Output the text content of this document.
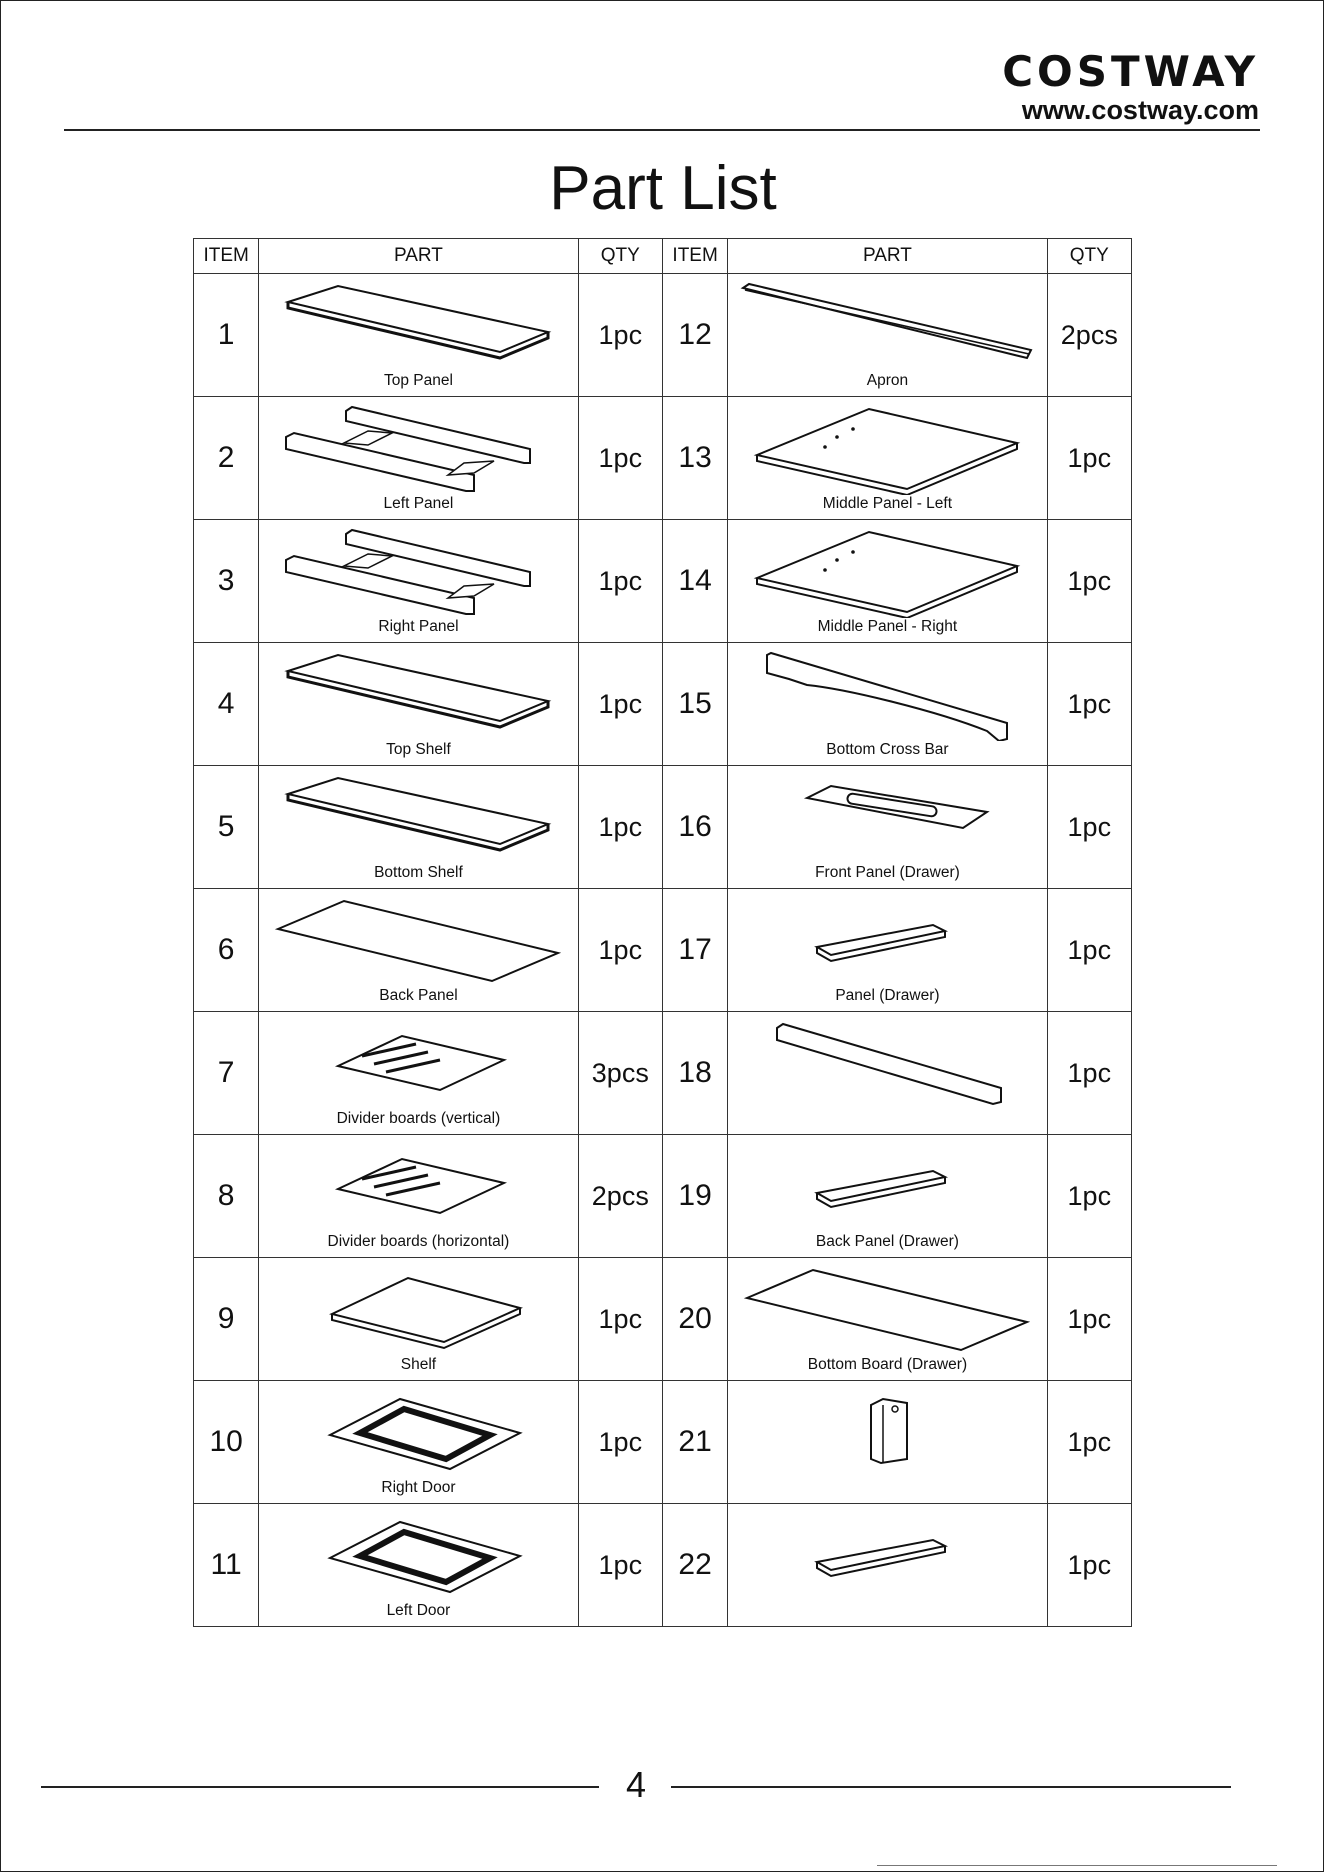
COSTWAY
www.costway.com
Part List
ITEM	PART	QTY	ITEM	PART	QTY
1	Top Panel	1pc	12	Apron	2pcs
2	Left Panel	1pc	13	Middle Panel - Left	1pc
3	Right Panel	1pc	14	Middle Panel - Right	1pc
4	Top Shelf	1pc	15	Bottom Cross Bar	1pc
5	Bottom Shelf	1pc	16	Front Panel (Drawer)	1pc
6	Back Panel	1pc	17	Panel (Drawer)	1pc
7	Divider boards (vertical)	3pcs	18		1pc
8	Divider boards (horizontal)	2pcs	19	Back Panel (Drawer)	1pc
9	Shelf	1pc	20	Bottom Board (Drawer)	1pc
10	Right Door	1pc	21		1pc
11	Left Door	1pc	22		1pc
4
